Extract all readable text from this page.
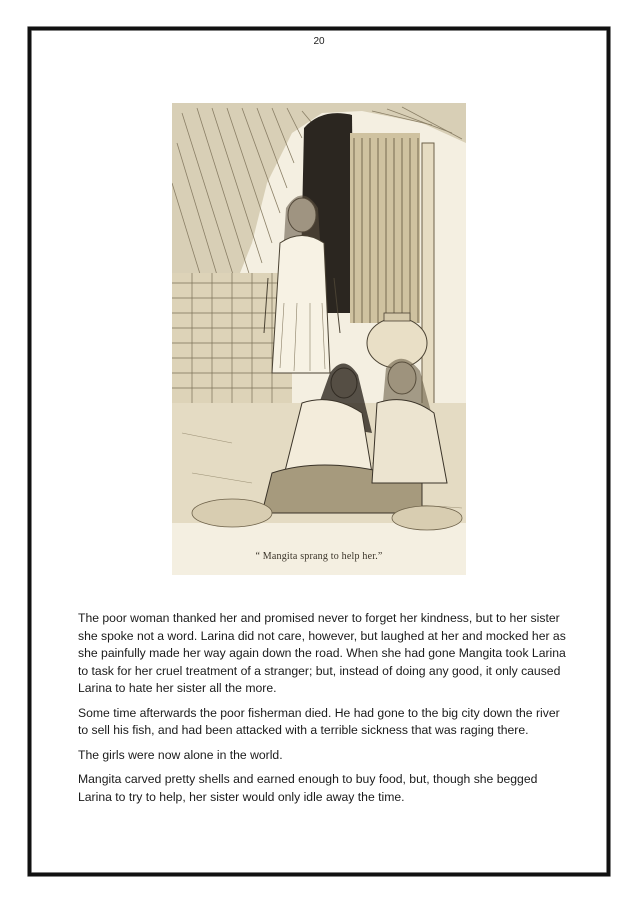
20
“ Mangita sprang to help her.”

The poor woman thanked her and promised never to forget her kindness, but to her sister she spoke not a word. Larina did not care, however, but laughed at her and mocked her as she painfully made her way again down the road. When she had gone Mangita took Larina to task for her cruel treatment of a stranger; but, instead of doing any good, it only caused Larina to hate her sister all the more.

Some time afterwards the poor fisherman died. He had gone to the big city down the river to sell his fish, and had been attacked with a terrible sickness that was raging there.

The girls were now alone in the world.

Mangita carved pretty shells and earned enough to buy food, but, though she begged Larina to try to help, her sister would only idle away the time.
